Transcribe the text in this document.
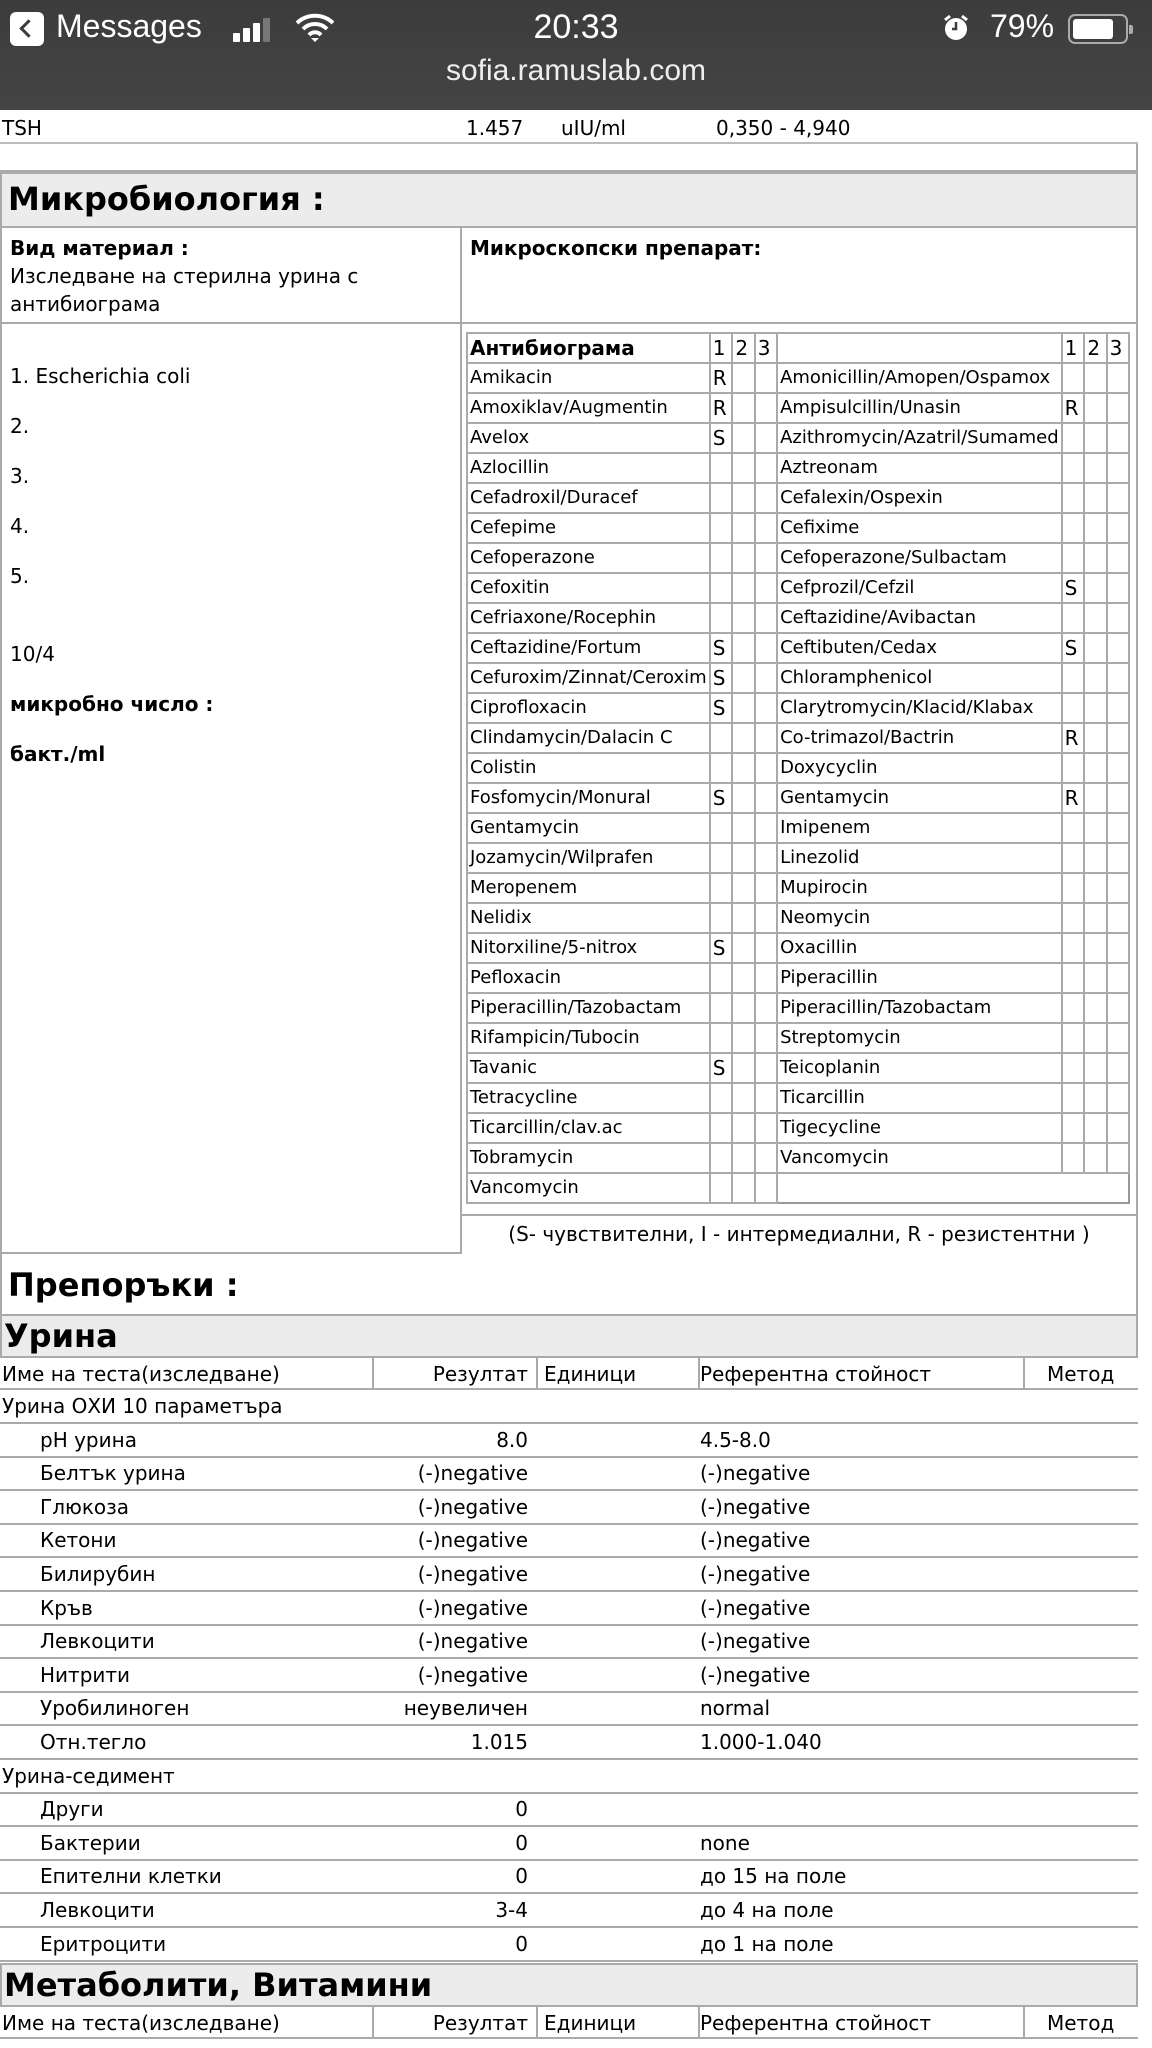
Messages	20:33	79%
sofia.ramuslab.com
TSH	1.457 uIU/ml	0,350 - 4,940
Микробиология :
Вид материал :
Изследване на стерилна урина с антибиограма
Микроскопски препарат:
1. Escherichia coli
2.
3.
4.
5.
10/4
микробно число :
бакт./ml
Антибиограма	1	2	3		1	2	3
Amikacin	R			Amonicillin/Amopen/Ospamox			
Amoxiklav/Augmentin	R			Ampisulcillin/Unasin	R		
Avelox	S			Azithromycin/Azatril/Sumamed			
Azlocillin				Aztreonam			
Cefadroxil/Duracef				Cefalexin/Ospexin			
Cefepime				Cefixime			
Cefoperazone				Cefoperazone/Sulbactam			
Cefoxitin				Cefprozil/Cefzil	S		
Cefriaxone/Rocephin				Ceftazidine/Avibactan			
Ceftazidine/Fortum	S			Ceftibuten/Cedax	S		
Cefuroxim/Zinnat/Ceroxim	S			Chloramphenicol			
Ciprofloxacin	S			Clarytromycin/Klacid/Klabax			
Clindamycin/Dalacin C				Co-trimazol/Bactrin	R		
Colistin				Doxycyclin			
Fosfomycin/Monural	S			Gentamycin	R		
Gentamycin				Imipenem			
Jozamycin/Wilprafen				Linezolid			
Meropenem				Mupirocin			
Nelidix				Neomycin			
Nitorxiline/5-nitrox	S			Oxacillin			
Pefloxacin				Piperacillin			
Piperacillin/Tazobactam				Piperacillin/Tazobactam			
Rifampicin/Tubocin				Streptomycin			
Tavanic	S			Teicoplanin			
Tetracycline				Ticarcillin			
Ticarcillin/clav.ac				Tigecycline			
Tobramycin				Vancomycin			
Vancomycin							
(S- чувствителни, I - интермедиални, R - резистентни )
Препоръки :
Урина
Име на теста(изследване)	Резултат Единици	Референтна стойност	Метод
Урина ОХИ 10 параметъра
pH урина	8.0	4.5-8.0
Белтък урина	(-)negative	(-)negative
Глюкоза	(-)negative	(-)negative
Кетони	(-)negative	(-)negative
Билирубин	(-)negative	(-)negative
Кръв	(-)negative	(-)negative
Левкоцити	(-)negative	(-)negative
Нитрити	(-)negative	(-)negative
Уробилиноген	неувеличен	normal
Отн.тегло	1.015	1.000-1.040
Урина-седимент
Други	0
Бактерии	0	none
Епителни клетки	0	до 15 на поле
Левкоцити	3-4	до 4 на поле
Еритроцити	0	до 1 на поле
Метаболити, Витамини
Име на теста(изследване)	Резултат Единици	Референтна стойност	Метод
